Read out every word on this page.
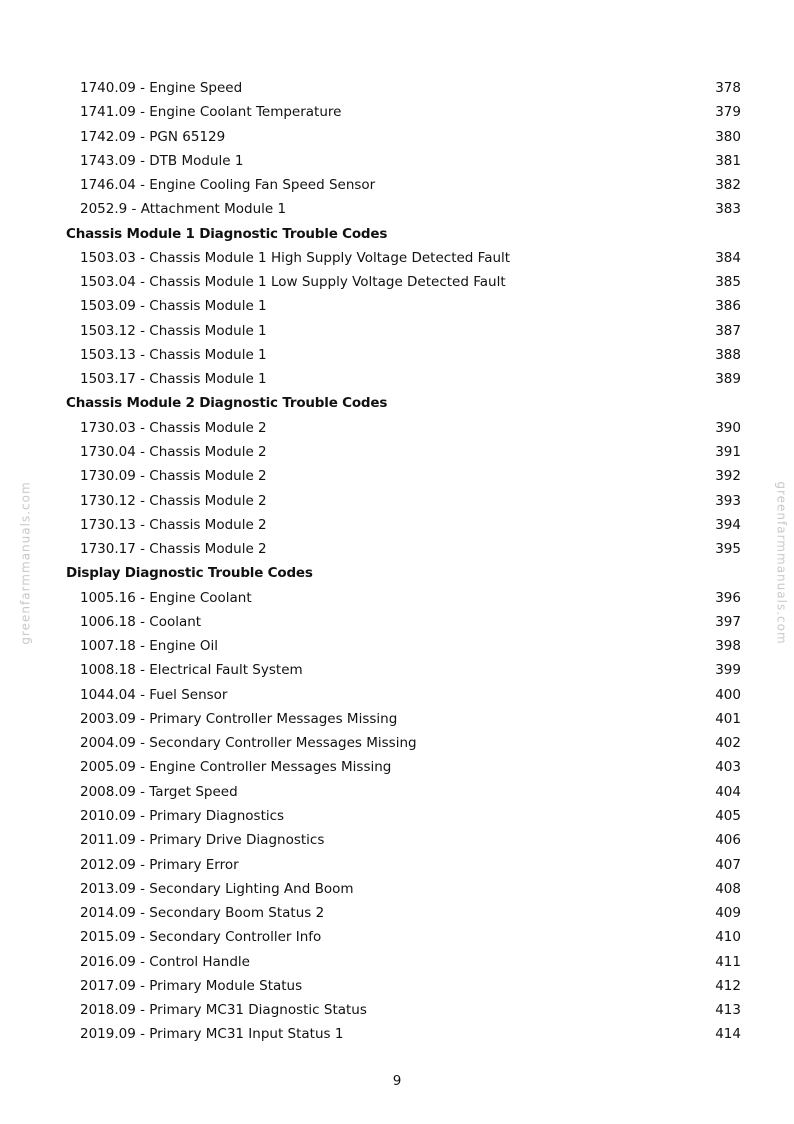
greenfarmmanuals.com	greenfarmmanuals.com
1740.09 - Engine Speed	378
1741.09 - Engine Coolant Temperature	379
1742.09 - PGN 65129	380
1743.09 - DTB Module 1	381
1746.04 - Engine Cooling Fan Speed Sensor	382
2052.9 - Attachment Module 1	383
Chassis Module 1 Diagnostic Trouble Codes
1503.03 - Chassis Module 1 High Supply Voltage Detected Fault	384
1503.04 - Chassis Module 1 Low Supply Voltage Detected Fault	385
1503.09 - Chassis Module 1	386
1503.12 - Chassis Module 1	387
1503.13 - Chassis Module 1	388
1503.17 - Chassis Module 1	389
Chassis Module 2 Diagnostic Trouble Codes
1730.03 - Chassis Module 2	390
1730.04 - Chassis Module 2	391
1730.09 - Chassis Module 2	392
1730.12 - Chassis Module 2	393
1730.13 - Chassis Module 2	394
1730.17 - Chassis Module 2	395
Display Diagnostic Trouble Codes
1005.16 - Engine Coolant	396
1006.18 - Coolant	397
1007.18 - Engine Oil	398
1008.18 - Electrical Fault System	399
1044.04 - Fuel Sensor	400
2003.09 - Primary Controller Messages Missing	401
2004.09 - Secondary Controller Messages Missing	402
2005.09 - Engine Controller Messages Missing	403
2008.09 - Target Speed	404
2010.09 - Primary Diagnostics	405
2011.09 - Primary Drive Diagnostics	406
2012.09 - Primary Error	407
2013.09 - Secondary Lighting And Boom	408
2014.09 - Secondary Boom Status 2	409
2015.09 - Secondary Controller Info	410
2016.09 - Control Handle	411
2017.09 - Primary Module Status	412
2018.09 - Primary MC31 Diagnostic Status	413
2019.09 - Primary MC31 Input Status 1	414
9
